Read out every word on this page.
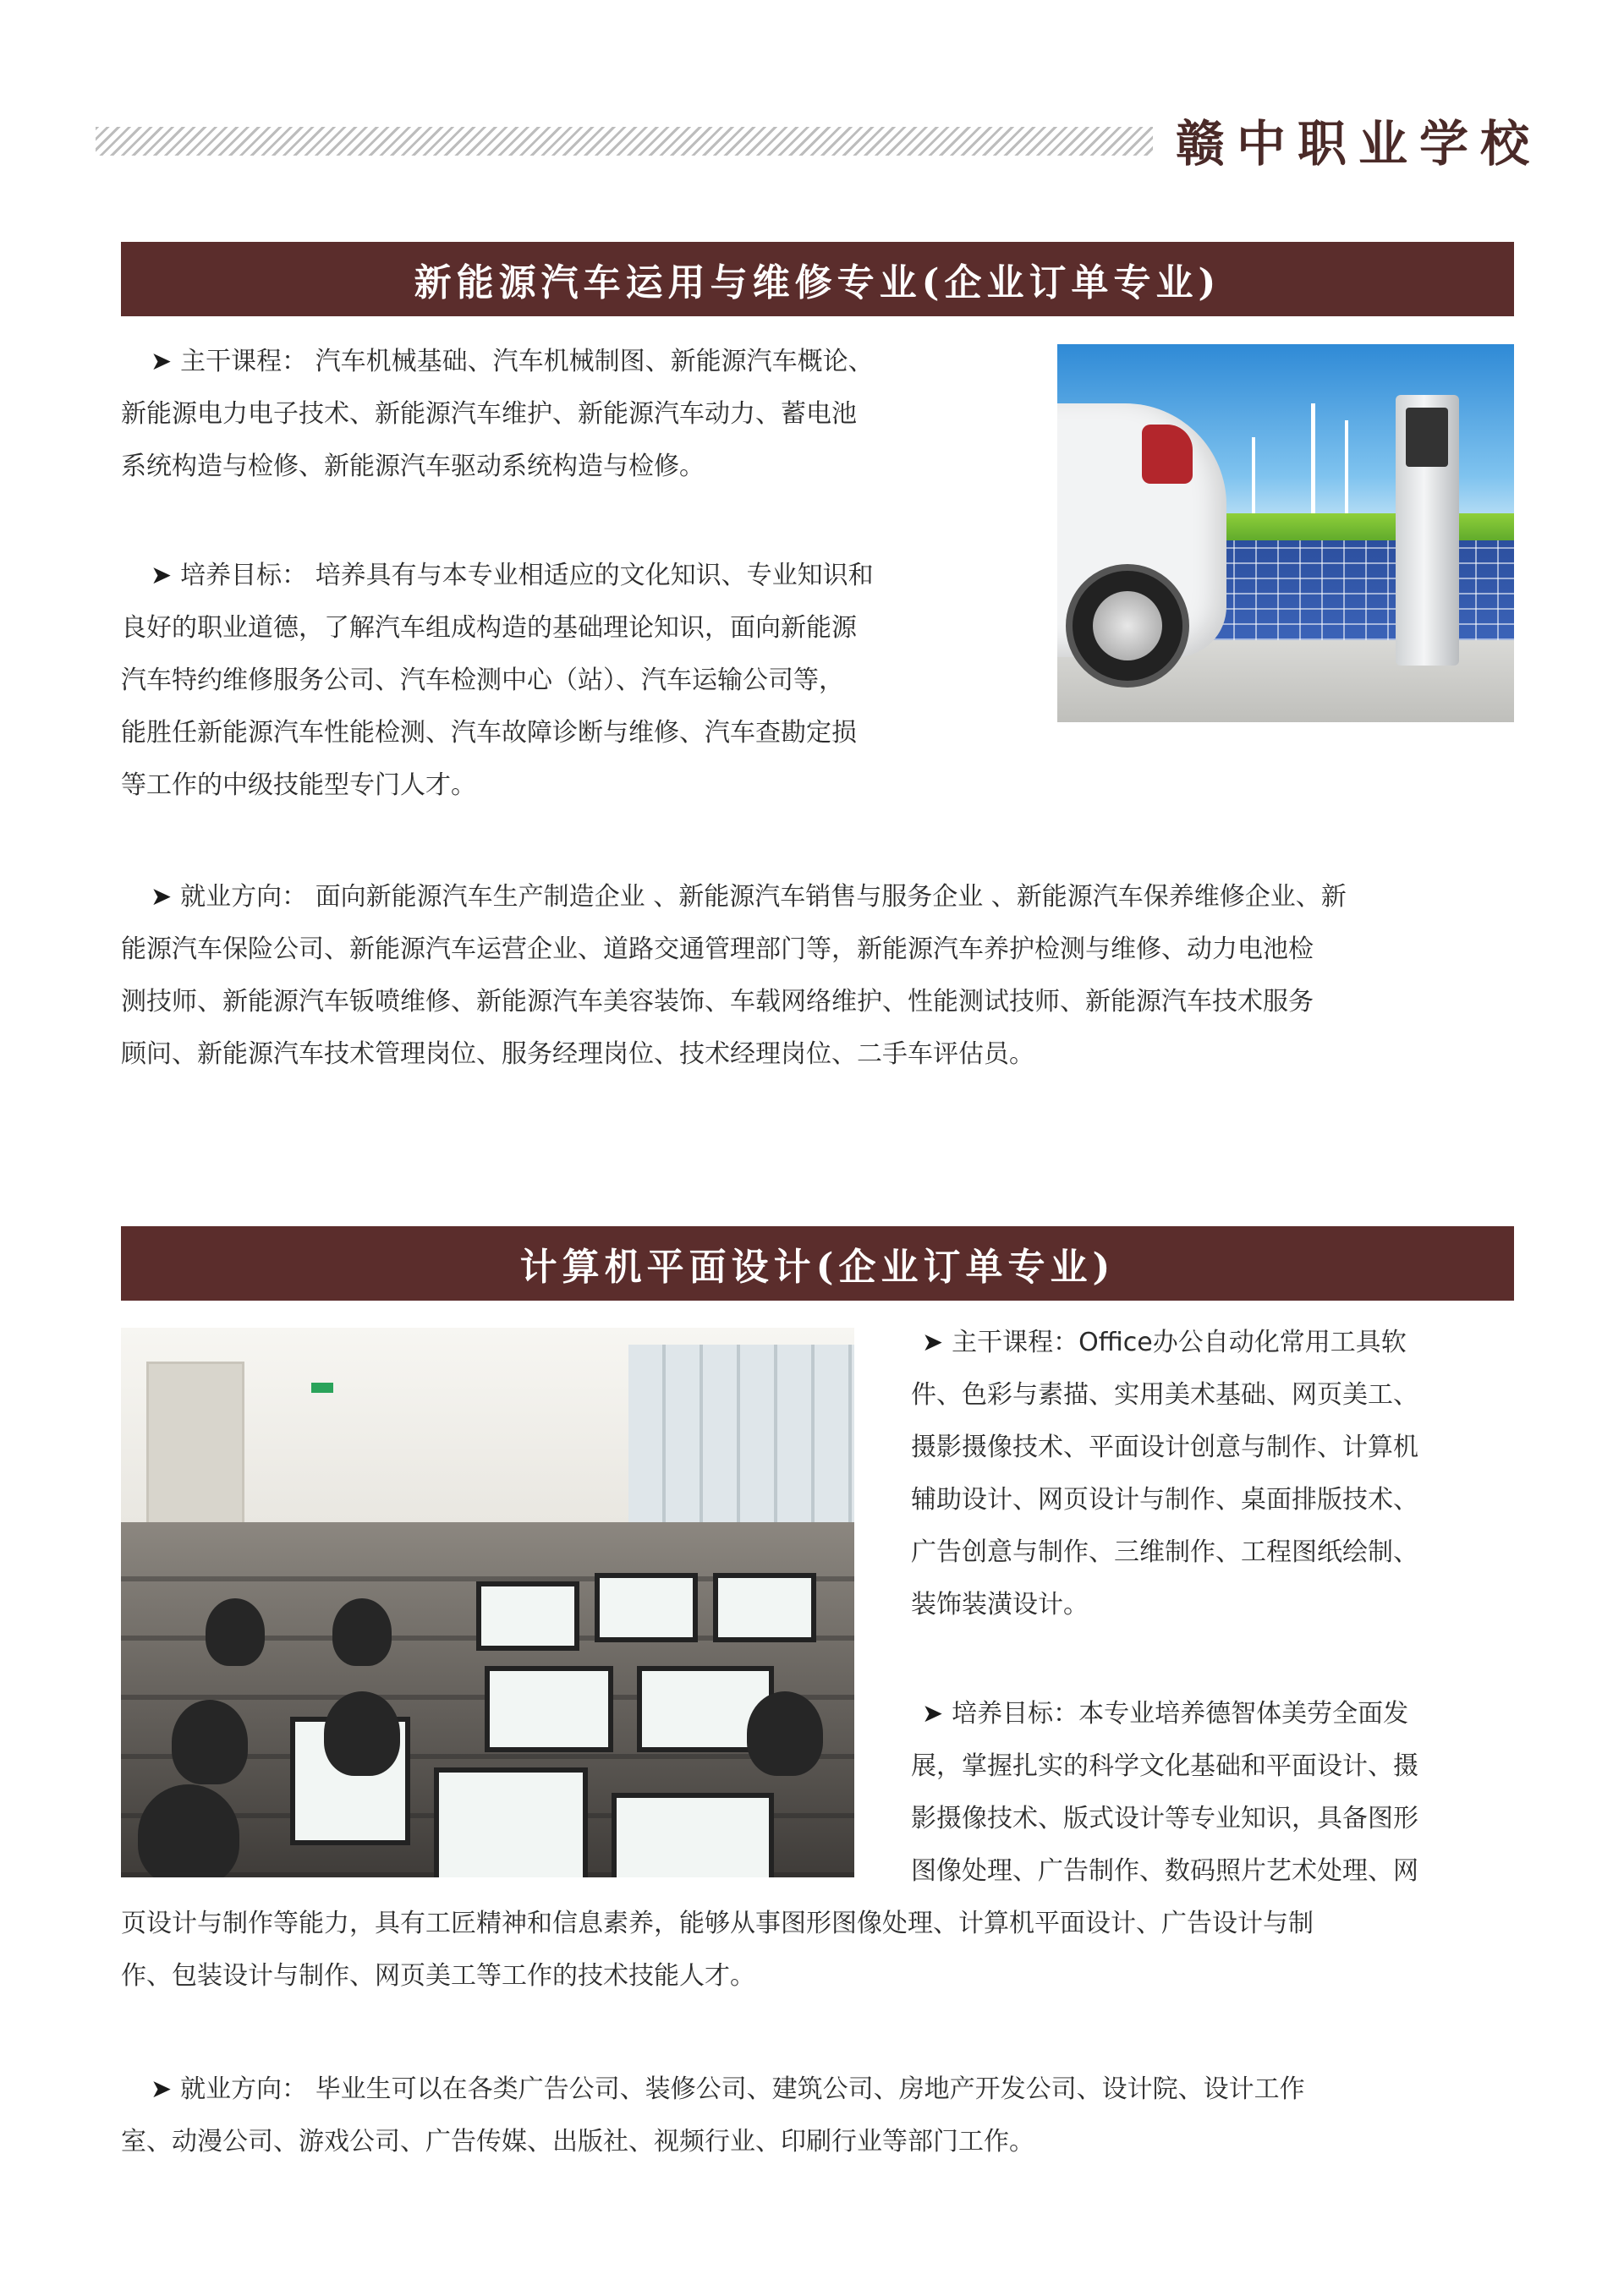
赣中职业学校
新能源汽车运用与维修专业(企业订单专业)

➤ 主干课程： 汽车机械基础、汽车机械制图、新能源汽车概论、

新能源电力电子技术、新能源汽车维护、新能源汽车动力、蓄电池

系统构造与检修、新能源汽车驱动系统构造与检修。

➤ 培养目标： 培养具有与本专业相适应的文化知识、专业知识和

良好的职业道德，了解汽车组成构造的基础理论知识，面向新能源

汽车特约维修服务公司、汽车检测中心（站）、汽车运输公司等，

能胜任新能源汽车性能检测、汽车故障诊断与维修、汽车查勘定损

等工作的中级技能型专门人才。

➤ 就业方向： 面向新能源汽车生产制造企业 、新能源汽车销售与服务企业 、新能源汽车保养维修企业、新

能源汽车保险公司、新能源汽车运营企业、道路交通管理部门等，新能源汽车养护检测与维修、动力电池检

测技师、新能源汽车钣喷维修、新能源汽车美容装饰、车载网络维护、性能测试技师、新能源汽车技术服务

顾问、新能源汽车技术管理岗位、服务经理岗位、技术经理岗位、二手车评估员。

计算机平面设计(企业订单专业)

➤ 主干课程：Office办公自动化常用工具软

件、色彩与素描、实用美术基础、网页美工、

摄影摄像技术、平面设计创意与制作、计算机

辅助设计、网页设计与制作、桌面排版技术、

广告创意与制作、三维制作、工程图纸绘制、

装饰装潢设计。

➤ 培养目标：本专业培养德智体美劳全面发

展，掌握扎实的科学文化基础和平面设计、摄

影摄像技术、版式设计等专业知识，具备图形

图像处理、广告制作、数码照片艺术处理、网

页设计与制作等能力，具有工匠精神和信息素养，能够从事图形图像处理、计算机平面设计、广告设计与制

作、包装设计与制作、网页美工等工作的技术技能人才。

➤ 就业方向： 毕业生可以在各类广告公司、装修公司、建筑公司、房地产开发公司、设计院、设计工作

室、动漫公司、游戏公司、广告传媒、出版社、视频行业、印刷行业等部门工作。
